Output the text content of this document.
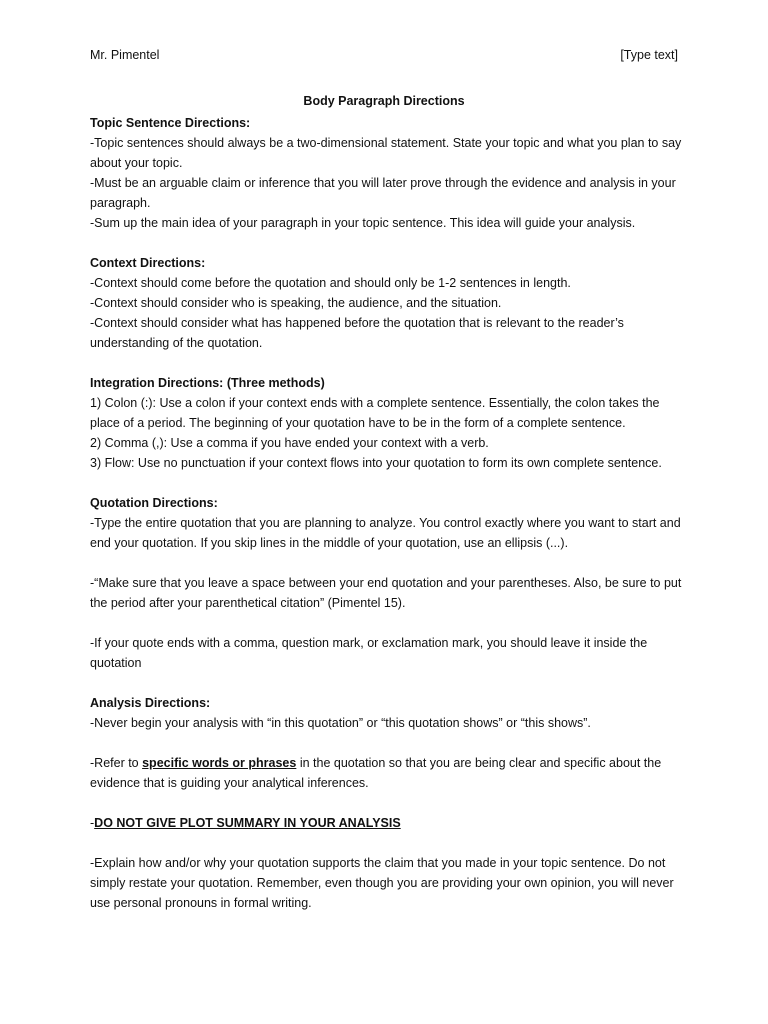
Mr. Pimentel	[Type text]
Body Paragraph Directions

Topic Sentence Directions:

-Topic sentences should always be a two-dimensional statement. State your topic and what you plan to say about your topic.

-Must be an arguable claim or inference that you will later prove through the evidence and analysis in your paragraph.

-Sum up the main idea of your paragraph in your topic sentence. This idea will guide your analysis.

Context Directions:

-Context should come before the quotation and should only be 1-2 sentences in length.

-Context should consider who is speaking, the audience, and the situation.

-Context should consider what has happened before the quotation that is relevant to the reader’s understanding of the quotation.

Integration Directions: (Three methods)

1) Colon (:): Use a colon if your context ends with a complete sentence. Essentially, the colon takes the place of a period. The beginning of your quotation have to be in the form of a complete sentence.

2) Comma (,): Use a comma if you have ended your context with a verb.

3) Flow: Use no punctuation if your context flows into your quotation to form its own complete sentence.

Quotation Directions:

-Type the entire quotation that you are planning to analyze. You control exactly where you want to start and end your quotation. If you skip lines in the middle of your quotation, use an ellipsis (...).

-“Make sure that you leave a space between your end quotation and your parentheses. Also, be sure to put the period after your parenthetical citation” (Pimentel 15).

-If your quote ends with a comma, question mark, or exclamation mark, you should leave it inside the quotation

Analysis Directions:

-Never begin your analysis with “in this quotation” or “this quotation shows” or “this shows”.

-Refer to specific words or phrases in the quotation so that you are being clear and specific about the evidence that is guiding your analytical inferences.

-DO NOT GIVE PLOT SUMMARY IN YOUR ANALYSIS

-Explain how and/or why your quotation supports the claim that you made in your topic sentence. Do not simply restate your quotation. Remember, even though you are providing your own opinion, you will never use personal pronouns in formal writing.
